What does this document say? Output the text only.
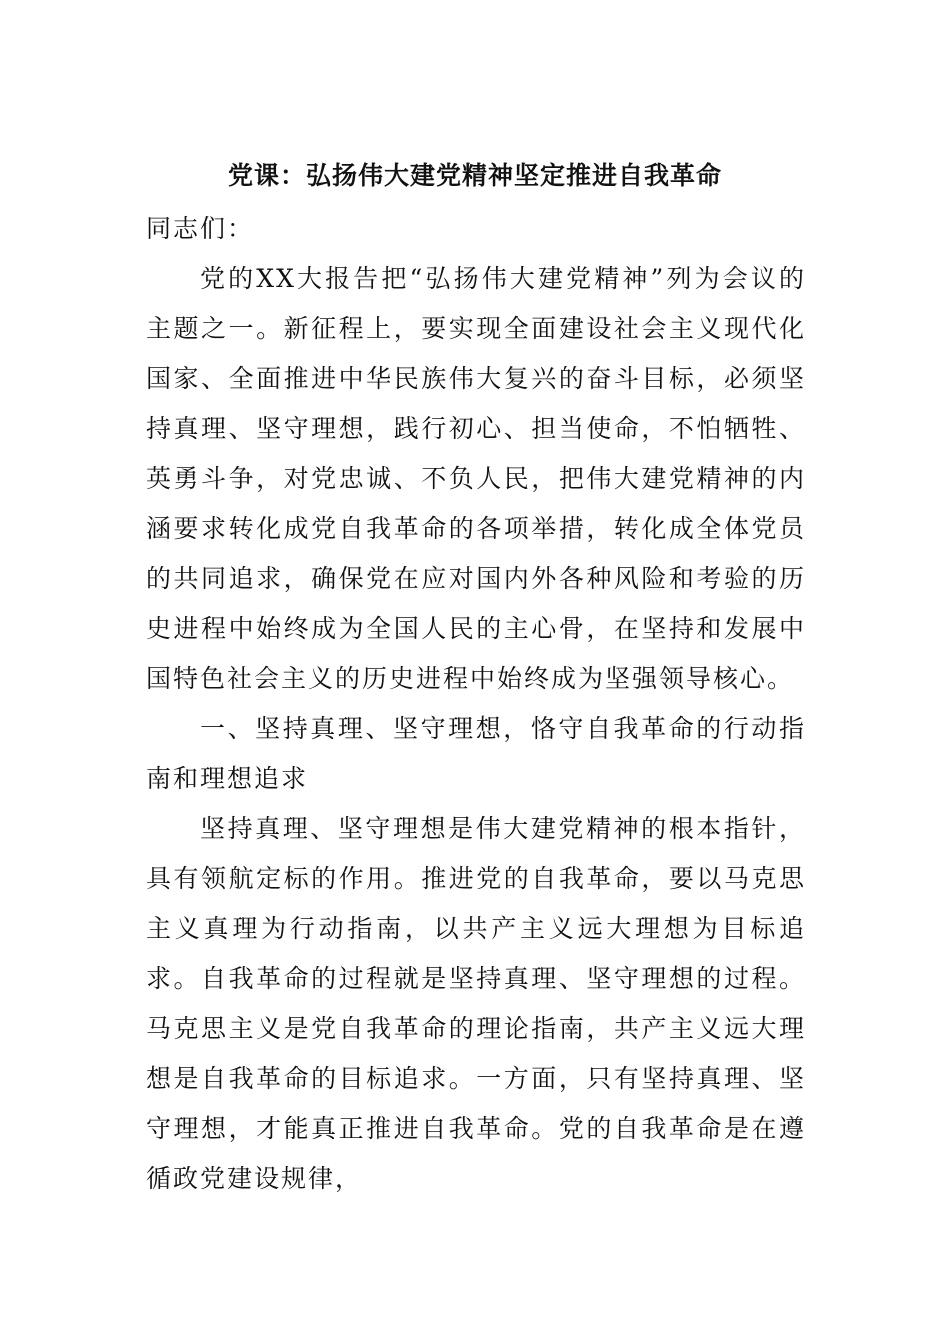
党课：弘扬伟大建党精神坚定推进自我革命

同志们：

党的XX大报告把“弘扬伟大建党精神”列为会议的主题之一。新征程上，要实现全面建设社会主义现代化国家、全面推进中华民族伟大复兴的奋斗目标，必须坚持真理、坚守理想，践行初心、担当使命，不怕牺牲、英勇斗争，对党忠诚、不负人民，把伟大建党精神的内涵要求转化成党自我革命的各项举措，转化成全体党员的共同追求，确保党在应对国内外各种风险和考验的历史进程中始终成为全国人民的主心骨，在坚持和发展中国特色社会主义的历史进程中始终成为坚强领导核心。

一、坚持真理、坚守理想，恪守自我革命的行动指南和理想追求

坚持真理、坚守理想是伟大建党精神的根本指针，具有领航定标的作用。推进党的自我革命，要以马克思主义真理为行动指南，以共产主义远大理想为目标追求。自我革命的过程就是坚持真理、坚守理想的过程。马克思主义是党自我革命的理论指南，共产主义远大理想是自我革命的目标追求。一方面，只有坚持真理、坚守理想，才能真正推进自我革命。党的自我革命是在遵循政党建设规律，
